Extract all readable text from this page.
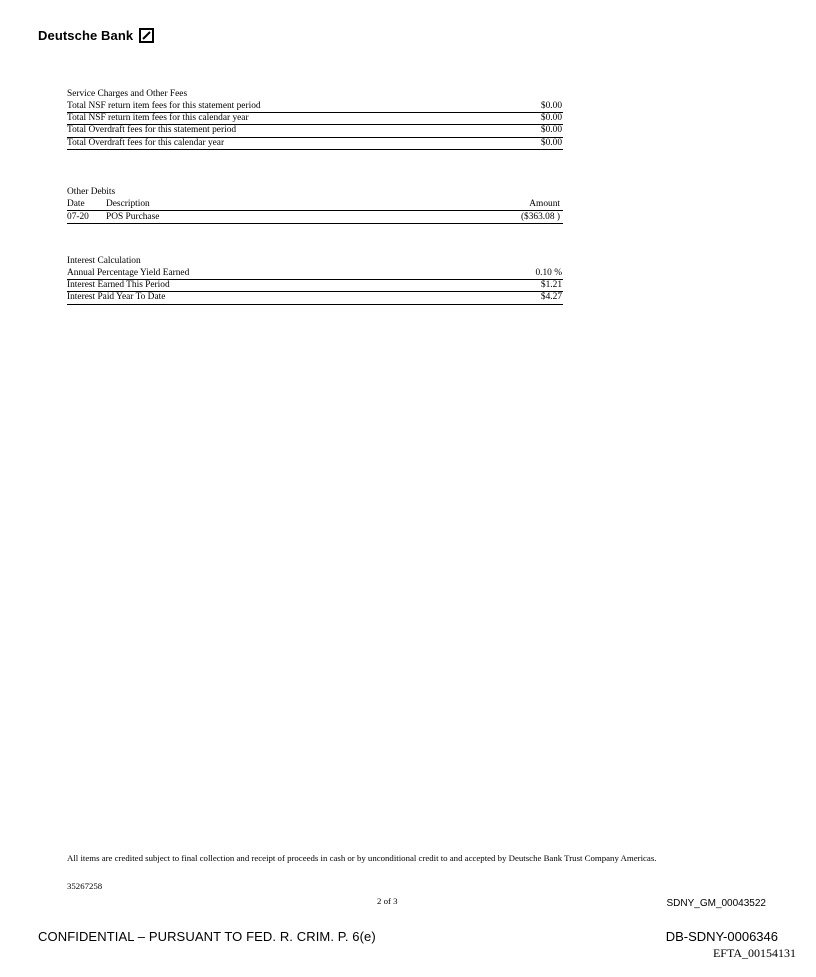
Deutsche Bank
Service Charges and Other Fees
Total NSF return item fees for this statement period	$0.00
Total NSF return item fees for this calendar year	$0.00
Total Overdraft fees for this statement period	$0.00
Total Overdraft fees for this calendar year	$0.00
Other Debits
Date Description	Amount
07-20 POS Purchase	($363.08 )
Interest Calculation
Annual Percentage Yield Earned	0.10 %
Interest Earned This Period	$1.21
Interest Paid Year To Date	$4.27
All items are credited subject to final collection and receipt of proceeds in cash or by unconditional credit to and accepted by Deutsche Bank Trust Company Americas.
35267258
2 of 3	SDNY_GM_00043522
CONFIDENTIAL – PURSUANT TO FED. R. CRIM. P. 6(e)	DB-SDNY-0006346
EFTA_00154131
